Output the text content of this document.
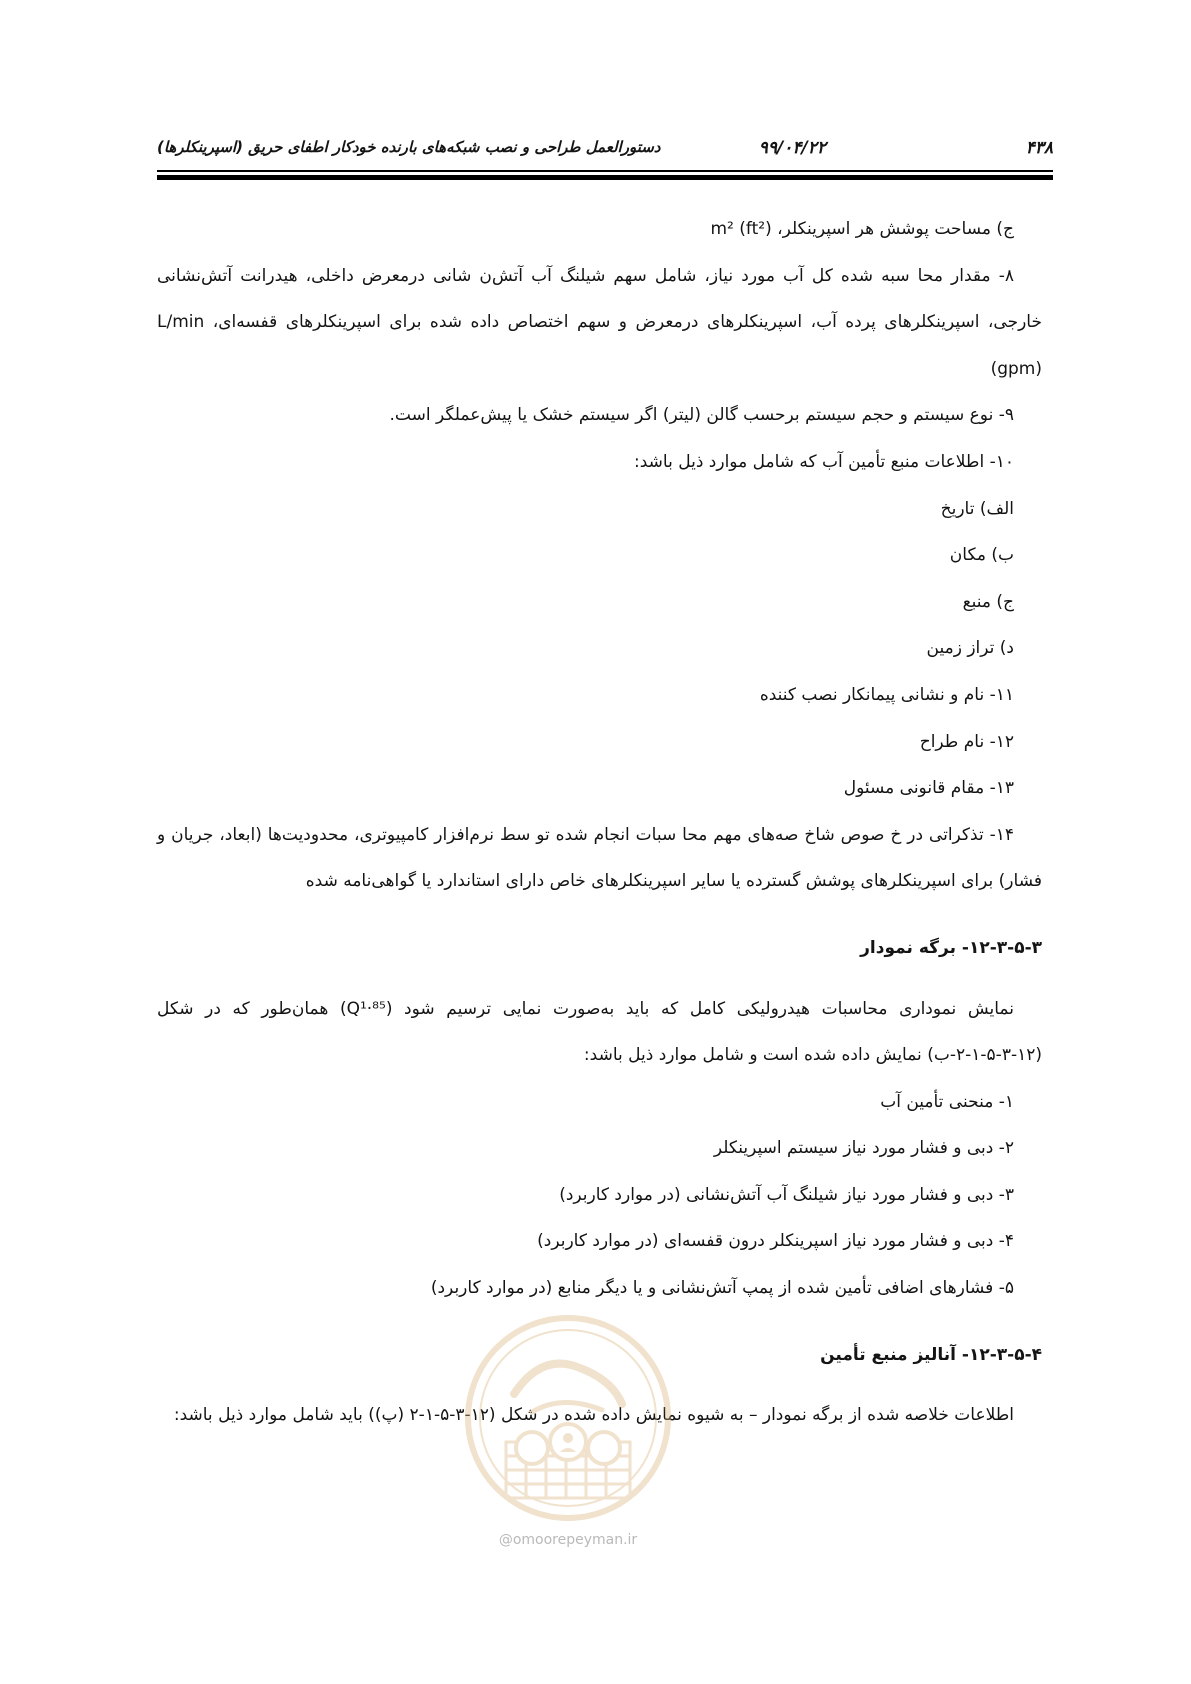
۴۳۸
۹۹/۰۴/۲۲
دستورالعمل طراحی و نصب شبکه‌های بارنده خودکار اطفای حریق (اسپرینکلرها)

ج) مساحت پوشش هر اسپرینکلر، m² (ft²)

۸- مقدار محا سبه شده کل آب مورد نیاز، شامل سهم شیلنگ آب آتش‌ن شانی درمعرض داخلی، هیدرانت آتش‌نشانی خارجی، اسپرینکلرهای پرده آب، اسپرینکلرهای درمعرض و سهم اختصاص داده شده برای اسپرینکلرهای قفسه‌ای، L/min (gpm)

۹- نوع سیستم و حجم سیستم برحسب گالن (لیتر) اگر سیستم خشک یا پیش‌عملگر است.

۱۰- اطلاعات منبع تأمین آب که شامل موارد ذیل باشد:

الف) تاریخ

ب) مکان

ج) منبع

د) تراز زمین

۱۱- نام و نشانی پیمانکار نصب کننده

۱۲- نام طراح

۱۳- مقام قانونی مسئول

۱۴- تذکراتی در خ صوص شاخ صه‌های مهم محا سبات انجام شده تو سط نرم‌افزار کامپیوتری، محدودیت‌ها (ابعاد، جریان و فشار) برای اسپرینکلرهای پوشش گسترده یا سایر اسپرینکلرهای خاص دارای استاندارد یا گواهی‌نامه شده

۱۲-۳-۵-۳- برگه نمودار

نمایش نموداری محاسبات هیدرولیکی کامل که باید به‌صورت نمایی ترسیم شود (Q¹·⁸⁵) همان‌طور که در شکل (۱۲-۳-۵-۱-۲-ب) نمایش داده شده است و شامل موارد ذیل باشد:

۱- منحنی تأمین آب

۲- دبی و فشار مورد نیاز سیستم اسپرینکلر

۳- دبی و فشار مورد نیاز شیلنگ آب آتش‌نشانی (در موارد کاربرد)

۴- دبی و فشار مورد نیاز اسپرینکلر درون قفسه‌ای (در موارد کاربرد)

۵- فشارهای اضافی تأمین شده از پمپ آتش‌نشانی و یا دیگر منابع (در موارد کاربرد)

۱۲-۳-۵-۴- آنالیز منبع تأمین

اطلاعات خلاصه شده از برگه نمودار – به شیوه نمایش داده شده در شکل (۱۲-۳-۵-۱-۲ (پ)) باید شامل موارد ذیل باشد:

@omoorepeyman.ir
